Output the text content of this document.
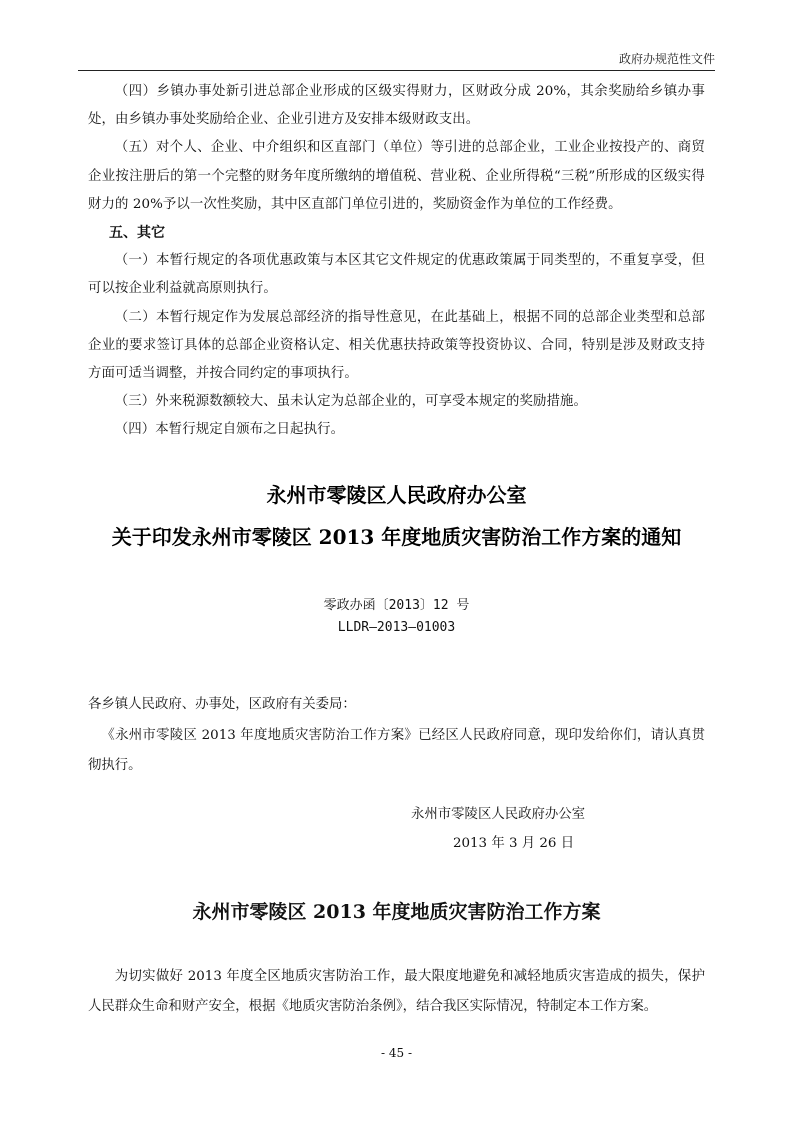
政府办规范性文件

（四）乡镇办事处新引进总部企业形成的区级实得财力，区财政分成 20%，其余奖励给乡镇办事处，由乡镇办事处奖励给企业、企业引进方及安排本级财政支出。

（五）对个人、企业、中介组织和区直部门（单位）等引进的总部企业，工业企业按投产的、商贸企业按注册后的第一个完整的财务年度所缴纳的增值税、营业税、企业所得税“三税”所形成的区级实得财力的 20%予以一次性奖励，其中区直部门单位引进的，奖励资金作为单位的工作经费。

五、其它

（一）本暂行规定的各项优惠政策与本区其它文件规定的优惠政策属于同类型的，不重复享受，但可以按企业利益就高原则执行。

（二）本暂行规定作为发展总部经济的指导性意见，在此基础上，根据不同的总部企业类型和总部企业的要求签订具体的总部企业资格认定、相关优惠扶持政策等投资协议、合同，特别是涉及财政支持方面可适当调整，并按合同约定的事项执行。

（三）外来税源数额较大、虽未认定为总部企业的，可享受本规定的奖励措施。

（四）本暂行规定自颁布之日起执行。

永州市零陵区人民政府办公室
关于印发永州市零陵区 2013 年度地质灾害防治工作方案的通知
零政办函〔2013〕12 号
LLDR—2013—01003
各乡镇人民政府、办事处，区政府有关委局：

《永州市零陵区 2013 年度地质灾害防治工作方案》已经区人民政府同意，现印发给你们，请认真贯彻执行。

永州市零陵区人民政府办公室
2013 年 3 月 26 日
永州市零陵区 2013 年度地质灾害防治工作方案

为切实做好 2013 年度全区地质灾害防治工作，最大限度地避免和减轻地质灾害造成的损失，保护人民群众生命和财产安全，根据《地质灾害防治条例》，结合我区实际情况，特制定本工作方案。

- 45 -
